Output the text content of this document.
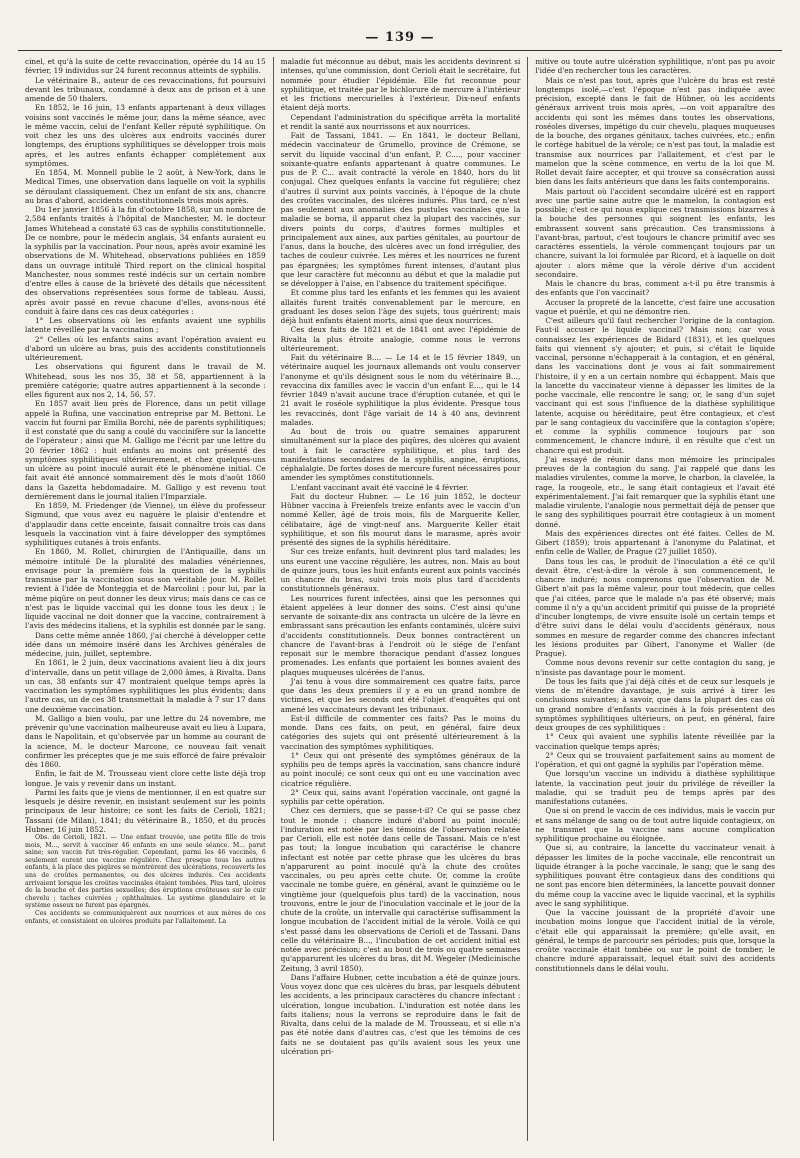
— 139 —

cinel, et qu'à la suite de cette revaccination, opérée du 14 au 15 février, 19 individus sur 24 furent reconnus atteints de syphilis.

Le vétérinaire B., auteur de ces revaccinations, fut poursuivi devant les tribunaux, condamné à deux ans de prison et à une amende de 50 thalers.

En 1852, le 16 juin, 13 enfants appartenant à deux villages voisins sont vaccinés le même jour, dans la même séance, avec le même vaccin, celui de l'enfant Keller réputé syphilitique. On voit chez les uns des ulcères aux endroits vaccinés durer longtemps, des éruptions syphilitiques se développer trois mois après, et les autres enfants échapper complétement aux symptômes.

En 1854, M. Monnell publie le 2 août, à New-York, dans le Medical Times, une observation dans laquelle on voit la syphilis se déroulant classiquement. Chez un enfant de six ans, chancre au bras d'abord, accidents constitutionnels trois mois après.

Du 1er janvier 1856 à la fin d'octobre 1858, sur un nombre de 2,584 enfants traités à l'hôpital de Manchester, M. le docteur James Whitehead a constaté 63 cas de syphilis constitutionnelle. De ce nombre, pour le médecin anglais, 34 enfants auraient eu la syphilis par la vaccination. Pour nous, après avoir examiné les observations de M. Whitehead, observations publiées en 1859 dans un ouvrage intitulé Third report on the clinical hospital Manchester, nous sommes resté indécis sur un certain nombre d'entre elles à cause de la brièveté des détails que nécessitent des observations représentées sous forme de tableau. Aussi, après avoir passé en revue chacune d'elles, avons-nous été conduit à faire dans ces cas deux catégories :

1° Les observations où les enfants avaient une syphilis latente réveillée par la vaccination ;

2° Celles où les enfants sains avant l'opération avaient eu d'abord un ulcère au bras, puis des accidents constitutionnels ultérieurement.

Les observations qui figurent dans le travail de M. Whitehead, sous les nos 35, 38 et 58, appartiennent à la première catégorie; quatre autres appartiennent à la seconde : elles figurent aux nos 2, 14, 56, 57.

En 1857 avait lieu près de Florence, dans un petit village appelé la Rufina, une vaccination entreprise par M. Bettoni. Le vaccin fut fourni par Emilia Borchi, née de parents syphilitiques; il est constaté que du sang a coulé du vaccinifère sur la lancette de l'opérateur ; ainsi que M. Galligo me l'écrit par une lettre du 20 février 1862 : huit enfants au moins ont présenté des symptômes syphilitiques ultérieurement, et chez quelques-uns un ulcère au point inoculé aurait été le phénomène initial. Ce fait avait été annoncé sommairement dès le mois d'août 1860 dans la Gazetta hebdomadaire. M. Galligo y est revenu tout dernièrement dans le journal italien l'Imparziale.

En 1859, M. Friedenger (de Vienne), un élève du professeur Sigmund, que vous avez eu naguère le plaisir d'entendre et d'applaudir dans cette enceinte, faisait connaître trois cas dans lesquels la vaccination vint à faire développer des symptômes syphilitiques cutanés à trois enfants.

En 1860, M. Rollet, chirurgien de l'Antiquaille, dans un mémoire intitulé De la pluralité des maladies vénériennes, envisage pour la première fois la question de la syphilis transmise par la vaccination sous son véritable jour. M. Rollet revient à l'idée de Monteggia et de Marcolini : pour lui, par la même piqûre on peut donner les deux virus; mais dans ce cas ce n'est pas le liquide vaccinal qui les donne tous les deux ; le liquide vaccinal ne doit donner que la vaccine, contrairement à l'avis des médecins italiens, et la syphilis est donnée par le sang.

Dans cette même année 1860, j'ai cherché à développer cette idée dans un mémoire inséré dans les Archives générales de médecine, juin, juillet, septembre.

En 1861, le 2 juin, deux vaccinations avaient lieu à dix jours d'intervalle, dans un petit village de 2,000 âmes, à Rivalta. Dans un cas, 38 enfants sur 47 montraient quelque temps après la vaccination les symptômes syphilitiques les plus évidents; dans l'autre cas, un de ces 38 transmettait la maladie à 7 sur 17 dans une deuxième vaccination.

M. Galligo a bien voulu, par une lettre du 24 novembre, me prévenir qu'une vaccination malheureuse avait eu lieu à Lupara, dans le Napolitain, et qu'observée par un homme au courant de la science, M. le docteur Marcone, ce nouveau fait venait confirmer les préceptes que je me suis efforcé de faire prévaloir dès 1860.

Enfin, le fait de M. Trousseau vient clore cette liste déjà trop longue. Je vais y revenir dans un instant.

Parmi les faits que je viens de mentionner, il en est quatre sur lesquels je désire revenir, en insistant seulement sur les points principaux de leur histoire; ce sont les faits de Cerioli, 1821; Tassani (de Milan), 1841; du vétérinaire B., 1850, et du procès Hubner, 16 juin 1852.

Obs. de Cerioli, 1821. — Une enfant trouvée, une petite fille de trois mois, M..., servit à vacciner 46 enfants en une seule séance. M... parut saine; son vaccin fut très-régulier. Cependant, parmi les 46 vaccinés, 6 seulement eurent une vaccine régulière. Chez presque tous les autres enfants, à la place des piqûres se montrèrent des ulcérations, recouverts les uns de croûtes permanentes, ou des ulcères indurés. Ces accidents arrivaient lorsque les croûtes vaccinales étaient tombées. Plus tard, ulcères de la bouche et des parties sexuelles; des éruptions croûteuses sur le cuir chevelu ; taches cuivrées ; ophthalmies. Le système glandulaire et le système osseux ne furent pas épargnés.

Ces accidents se communiquèrent aux nourrices et aux mères de ces enfants, et consistaient en ulcères produits par l'allaitement. La

maladie fut méconnue au début, mais les accidents devinrent si intenses, qu'une commission, dont Cerioli était le secrétaire, fut nommée pour étudier l'épidémie. Elle fut reconnue pour syphilitique, et traitée par le bichlorure de mercure à l'intérieur et les frictions mercurielles à l'extérieur. Dix-neuf enfants étaient déjà morts.

Cependant l'administration du spécifique arrêta la mortalité et rendit la santé aux nourrissons et aux nourrices.

Fait de Tassani, 1841. — En 1841, le docteur Bellani, médecin vaccinateur de Grumello, province de Crémone, se servit du liquide vaccinal d'un enfant, P. C...., pour vacciner soixante-quatre enfants appartenant à quatre communes. Le pus de P. C... avait contracté la vérole en 1840, hors du lit conjugal. Chez quelques enfants la vaccine fut régulière; chez d'autres il survint aux points vaccinés, à l'époque de la chute des croûtes vaccinales, des ulcères indurés. Plus tard, ce n'est pas seulement aux anomalies des pustules vaccinales que la maladie se borna, il apparut chez la plupart des vaccinés, sur divers points du corps, d'autres formes multiples et principalement aux aines, aux parties génitales, au pourtour de l'anus, dans la bouche, des ulcères avec un fond irrégulier, des taches de couleur cuivrée. Les mères et les nourrices ne furent pas épargnées; les symptômes furent intenses, d'autant plus que leur caractère fut méconnu au début et que la maladie put se développer à l'aise, en l'absence du traitement spécifique.

Et comme plus tard les enfants et les femmes qui les avaient allaités furent traités convenablement par le mercure, en graduant les doses selon l'âge des sujets, tous guérirent; mais déjà huit enfants étaient morts, ainsi que deux nourrices.

Ces deux faits de 1821 et de 1841 ont avec l'épidémie de Rivalta la plus étroite analogie, comme nous le verrons ultérieurement.

Fait du vétérinaire B.... — Le 14 et le 15 février 1849, un vétérinaire auquel les journaux allemands ont voulu conserver l'anonyme et qu'ils désignent sous le nom du vétérinaire B..., revaccina dix familles avec le vaccin d'un enfant E..., qui le 14 février 1849 n'avait aucune trace d'éruption cutanée, et qui le 21 avait le roséole syphilitique la plus évidente. Presque tous les revaccinés, dont l'âge variait de 14 à 40 ans, devinrent malades.

Au bout de trois ou quatre semaines apparurent simultanément sur la place des piqûres, des ulcères qui avaient tout à fait le caractère syphilitique, et plus tard des manifestations secondaires de la syphilis, angine, éruptions, céphalalgie. De fortes doses de mercure furent nécessaires pour amender les symptômes constitutionnels.

L'enfant vaccinant avait été vacciné le 4 février.

Fait du docteur Hubner. — Le 16 juin 1852, le docteur Hübner vaccina à Freienfels treize enfants avec le vaccin d'un nommé Keller, âgé de trois mois, fils de Marguerite Keller, célibataire, âgé de vingt-neuf ans. Marguerite Keller était syphilitique, et son fils mourut dans le marasme, après avoir présenté des signes de la syphilis héréditaire.

Sur ces treize enfants, huit devinrent plus tard malades; les uns eurent une vaccine régulière, les autres, non. Mais au bout de quinze jours, tous les huit enfants eurent aux points vaccinés un chancre du bras, suivi trois mois plus tard d'accidents constitutionnels généraux.

Les nourrices furent infectées, ainsi que les personnes qui étaient appelées à leur donner des soins. C'est ainsi qu'une servante de soixante-dix ans contracta un ulcère de la lèvre en embrassant sans précaution les enfants contaminés, ulcère suivi d'accidents constitutionnels. Deux bonnes contractèrent un chancre de l'avant-bras à l'endroit où le siége de l'enfant reposait sur le membre thoracique pendant d'assez longues promenades. Les enfants que portaient les bonnes avaient des plaques muqueuses ulcérées de l'anus.

J'ai tenu à vous dire sommairement ces quatre faits, parce que dans les deux premiers il y a eu un grand nombre de victimes, et que les seconds ont été l'objet d'enquêtes qui ont amené les vaccinateurs devant les tribunaux.

Est-il difficile de commenter ces faits? Pas le moins du monde. Dans ces faits, on peut, en général, faire deux catégories des sujets qui ont présenté ultérieurement à la vaccination des symptômes syphilitiques.

1° Ceux qui ont présenté des symptômes généraux de la syphilis peu de temps après la vaccination, sans chancre induré au point inoculé; ce sont ceux qui ont eu une vaccination avec cicatrice régulière.

2° Ceux qui, sains avant l'opération vaccinale, ont gagné la syphilis par cette opération.

Chez ces derniers, que se passe-t-il? Ce qui se passe chez tout le monde : chancre induré d'abord au point inoculé; l'induration est notée par les témoins de l'observation relatée par Cerioli, elle est notée dans celle de Tassani. Mais ce n'est pas tout; la longue incubation qui caractérise le chancre infectant est notée par cette phrase que les ulcères du bras n'apparurent au point inoculé qu'à la chute des croûtes vaccinales, ou peu après cette chute. Or, comme la croûte vaccinale ne tombe guère, en général, avant le quinzième ou le vingtième jour (quelquefois plus tard) de la vaccination, nous trouvons, entre le jour de l'inoculation vaccinale et le jour de la chute de la croûte, un intervalle qui caractérise suffisamment la longue incubation de l'accident initial de la vérole. Voilà ce qui s'est passé dans les observations de Cerioli et de Tassani. Dans celle du vétérinaire B..., l'incubation de cet accident initial est notée avec précision; c'est au bout de trois ou quatre semaines qu'apparurent les ulcères du bras, dit M. Wegeler (Medicinische Zeitung, 3 avril 1850).

Dans l'affaire Hubner, cette incubation a été de quinze jours. Vous voyez donc que ces ulcères du bras, par lesquels débutent les accidents, a les principaux caractères du chancre infectant : ulcération, longue incubation. L'induration est notée dans les faits italiens; nous la verrons se reproduire dans le fait de Rivalta, dans celui de la malade de M. Trousseau, et si elle n'a pas été notée dans d'autres cas, c'est que les témoins de ces faits ne se doutaient pas qu'ils avaient sous les yeux une ulcération pri-

mitive ou toute autre ulcération syphilitique, n'ont pas pu avoir l'idée d'en rechercher tous les caractères.

Mais ce n'est pas tout, après que l'ulcère du bras est resté longtemps isolé,—c'est l'époque n'est pas indiquée avec précision, excepté dans le fait de Hübner, où les accidents généraux arrivent trois mois après, —on voit apparaître des accidents qui sont les mêmes dans toutes les observations, roséoles diverses, impétigo du cuir chevelu, plaques muqueuses de la bouche, des organes génitaux, taches cuivrées, etc.; enfin le cortège habituel de la vérole; ce n'est pas tout, la maladie est transmise aux nourrices par l'allaitement, et c'est par le mamelon que la scène commence, en vertu de la loi que M. Rollet devait faire accepter, et qui trouve sa consécration aussi bien dans les faits antérieurs que dans les faits contemporains.

Mais partout où l'accident secondaire ulcéré est en rapport avec une partie saine autre que le mamelon, la contagion est possible; c'est ce qui nous explique ces transmissions bizarres à la bouche des personnes qui soignent les enfants, les embrassent souvent sans précaution. Ces transmissions à l'avant-bras, partout, c'est toujours le chancre primitif avec ses caractères essentiels, la vérole commençant toujours par un chancre, suivant la loi formulée par Ricord, et à laquelle on doit ajouter : alors même que la vérole dérive d'un accident secondaire.

Mais le chancre du bras, comment a-t-il pu être transmis à des enfants que l'on vaccinait?

Accuser la propreté de la lancette, c'est faire une accusation vague et puérile, et qui ne démontre rien.

C'est ailleurs qu'il faut rechercher l'origine de la contagion. Faut-il accuser le liquide vaccinal? Mais non; car vous connaissez les expériences de Bidard (1831), et les quelques faits qui viennent s'y ajouter; et puis, si c'était le liquide vaccinal, personne n'échapperait à la contagion, et en général, dans les vaccinations dont je vous ai fait sommairement l'histoire, il y en a un certain nombre qui échappent. Mais que la lancette du vaccinateur vienne à dépasser les limites de la poche vaccinale, elle rencontre le sang; or, le sang d'un sujet vaccinant qui est sous l'influence de la diathèse syphilitique latente, acquise ou héréditaire, peut être contagieux, et c'est par le sang contagieux du vaccinifère que la contagion s'opère; et comme la syphilis commence toujours par son commencement, le chancre induré, il en résulte que c'est un chancre qui est produit.

J'ai essayé de réunir dans mon mémoire les principales preuves de la contagion du sang. J'ai rappelé que dans les maladies virulentes, comme la morve, le charbon, la clavelée, la rage, la rougeole, etc., le sang était contagieux et l'avait été expérimentalement. J'ai fait remarquer que la syphilis étant une maladie virulente, l'analogie nous permettait déjà de penser que le sang des syphilitiques pourrait être contagieux à un moment donné.

Mais des expériences directes ont été faites. Celles de M. Gibert (1859); trois appartenant à l'anonyme du Palatinat, et enfin celle de Waller, de Prague (27 juillet 1850).

Dans tous les cas, le produit de l'inoculation a été ce qu'il devait être, c'est-à-dire la vérole à son commencement, le chancre induré; nous comprenons que l'observation de M. Gibert n'ait pas la même valeur, pour tout médecin, que celles que j'ai citées, parce que le malade n'a pas été observé; mais comme il n'y a qu'un accident primitif qui puisse de la propriété d'incuber longtemps, de vivre ensuite isolé un certain temps et d'être suivi dans le délai voulu d'accidents généraux, nous sommes en mesure de regarder comme des chancres infectant les lésions produites par Gibert, l'anonyme et Waller (de Prague).

Comme nous devons revenir sur cette contagion du sang, je n'insiste pas davantage pour le moment.

De tous les faits que j'ai déjà cités et de ceux sur lesquels je viens de m'étendre davantage, je suis arrivé à tirer les conclusions suivantes; à savoir, que dans la plupart des cas où un grand nombre d'enfants vaccinés à la fois présentent des symptômes syphilitiques ultérieurs, on peut, en général, faire deux groupes de ces syphilitiques :

1° Ceux qui avaient une syphilis latente réveillée par la vaccination quelque temps après;

2° Ceux qui se trouvaient parfaitement sains au moment de l'opération, et qui ont gagné la syphilis par l'opération même.

Que lorsqu'un vaccine un individu à diathèse syphilitique latente, la vaccination peut jouir du privilége de réveiller la maladie, qui se traduit peu de temps après par des manifestations cutanées.

Que si on prend le vaccin de ces individus, mais le vaccin pur et sans mélange de sang ou de tout autre liquide contagieux, on ne transmet que la vaccine sans aucune complication syphilitique prochaine ou éloignée.

Que si, au contraire, la lancette du vaccinateur venait à dépasser les limites de la poche vaccinale, elle rencontrait un liquide étranger à la poche vaccinale, le sang; que le sang des syphilitiques pouvant être contagieux dans des conditions qui ne sont pas encore bien déterminées, la lancette pouvait donner du même coup la vaccine avec le liquide vaccinal, et la syphilis avec le sang syphilitique.

Que la vaccine jouissant de la propriété d'avoir une incubation moins longue que l'accident initial de la vérole, c'était elle qui apparaissait la première; qu'elle avait, en général, le temps de parcourir ses périodes; puis que, lorsque la croûte vaccinale était tombée ou sur le point de tomber, le chancre induré apparaissait, lequel était suivi des accidents constitutionnels dans le délai voulu.
